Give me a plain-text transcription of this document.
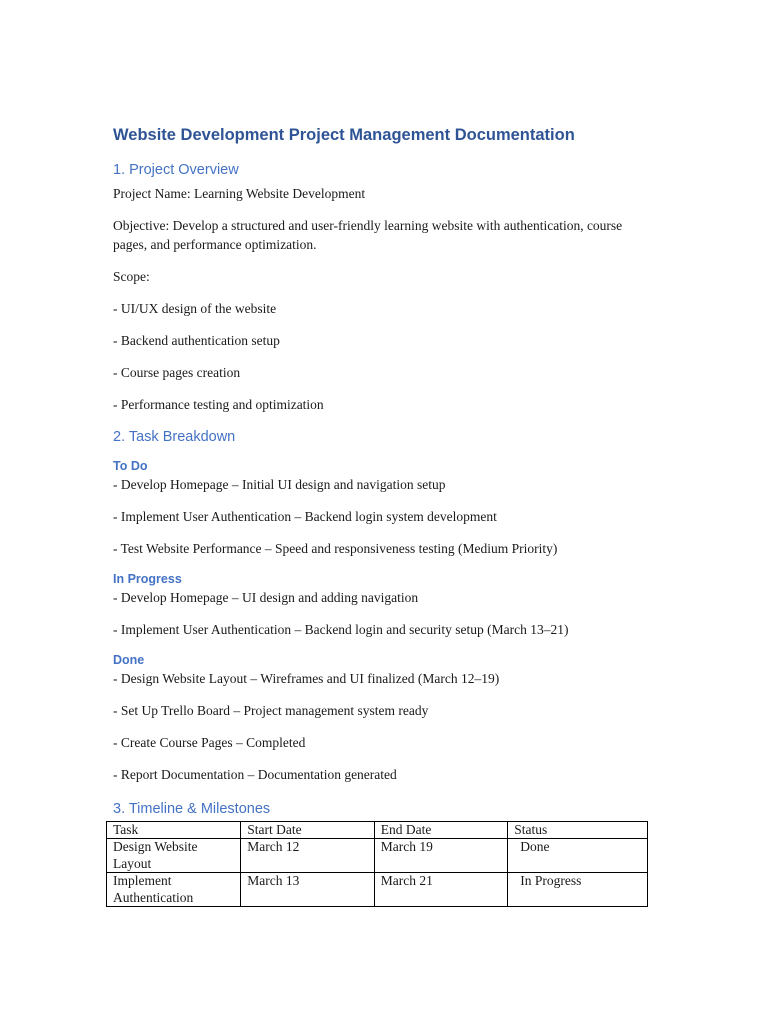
Website Development Project Management Documentation
1. Project Overview

Project Name: Learning Website Development

Objective: Develop a structured and user-friendly learning website with authentication, course pages, and performance optimization.

Scope:

- UI/UX design of the website

- Backend authentication setup

- Course pages creation

- Performance testing and optimization

2. Task Breakdown
To Do

- Develop Homepage – Initial UI design and navigation setup

- Implement User Authentication – Backend login system development

- Test Website Performance – Speed and responsiveness testing (Medium Priority)

In Progress

- Develop Homepage – UI design and adding navigation

- Implement User Authentication – Backend login and security setup (March 13–21)

Done

- Design Website Layout – Wireframes and UI finalized (March 12–19)

- Set Up Trello Board – Project management system ready

- Create Course Pages – Completed

- Report Documentation – Documentation generated

3. Timeline & Milestones
Task	Start Date	End Date	Status
Design Website Layout	March 12	March 19	Done
Implement Authentication	March 13	March 21	In Progress
